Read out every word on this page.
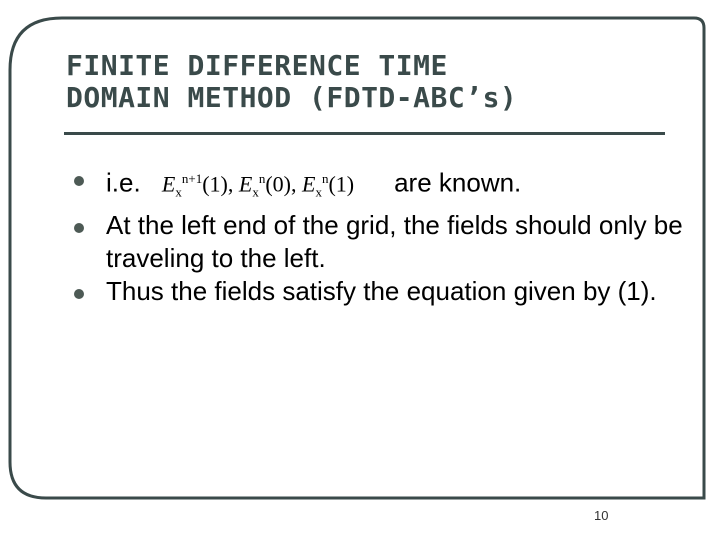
FINITE DIFFERENCE TIME
DOMAIN METHOD (FDTD-ABC’s)
i.e. $E_x^{n+1}(1)$, $E_x^n(0)$, $E_x^n(1)$ are known.
At the left end of the grid, the fields should only be traveling to the left.
Thus the fields satisfy the equation given by (1).
10
